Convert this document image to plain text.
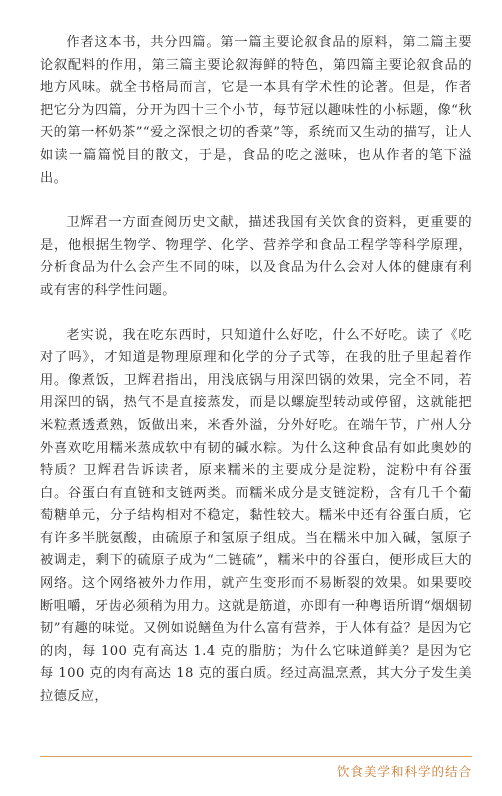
作者这本书，共分四篇。第一篇主要论叙食品的原料，第二篇主要论叙配料的作用，第三篇主要论叙海鲜的特色，第四篇主要论叙食品的地方风味。就全书格局而言，它是一本具有学术性的论著。但是，作者把它分为四篇，分开为四十三个小节，每节冠以趣味性的小标题，像“秋天的第一杯奶茶”“爱之深恨之切的香菜”等，系统而又生动的描写，让人如读一篇篇悦目的散文，于是，食品的吃之滋味，也从作者的笔下溢出。

卫辉君一方面查阅历史文献，描述我国有关饮食的资料，更重要的是，他根据生物学、物理学、化学、营养学和食品工程学等科学原理，分析食品为什么会产生不同的味，以及食品为什么会对人体的健康有利或有害的科学性问题。

老实说，我在吃东西时，只知道什么好吃，什么不好吃。读了《吃对了吗》，才知道是物理原理和化学的分子式等，在我的肚子里起着作用。像煮饭，卫辉君指出，用浅底锅与用深凹锅的效果，完全不同，若用深凹的锅，热气不是直接蒸发，而是以螺旋型转动或停留，这就能把米粒煮透煮熟，饭做出来，米香外溢，分外好吃。在端午节，广州人分外喜欢吃用糯米蒸成软中有韧的碱水粽。为什么这种食品有如此奥妙的特质？卫辉君告诉读者，原来糯米的主要成分是淀粉，淀粉中有谷蛋白。谷蛋白有直链和支链两类。而糯米成分是支链淀粉，含有几千个葡萄糖单元，分子结构相对不稳定，黏性较大。糯米中还有谷蛋白质，它有许多半胱氨酸，由硫原子和氢原子组成。当在糯米中加入碱，氢原子被调走，剩下的硫原子成为“二链硫”，糯米中的谷蛋白，便形成巨大的网络。这个网络被外力作用，就产生变形而不易断裂的效果。如果要咬断咀嚼，牙齿必须稍为用力。这就是筋道，亦即有一种粤语所谓“烟烟韧韧”有趣的味觉。又例如说鳝鱼为什么富有营养，于人体有益？是因为它的肉，每 100 克有高达 1.4 克的脂肪；为什么它味道鲜美？是因为它每 100 克的肉有高达 18 克的蛋白质。经过高温烹煮，其大分子发生美拉德反应，

饮食美学和科学的结合
